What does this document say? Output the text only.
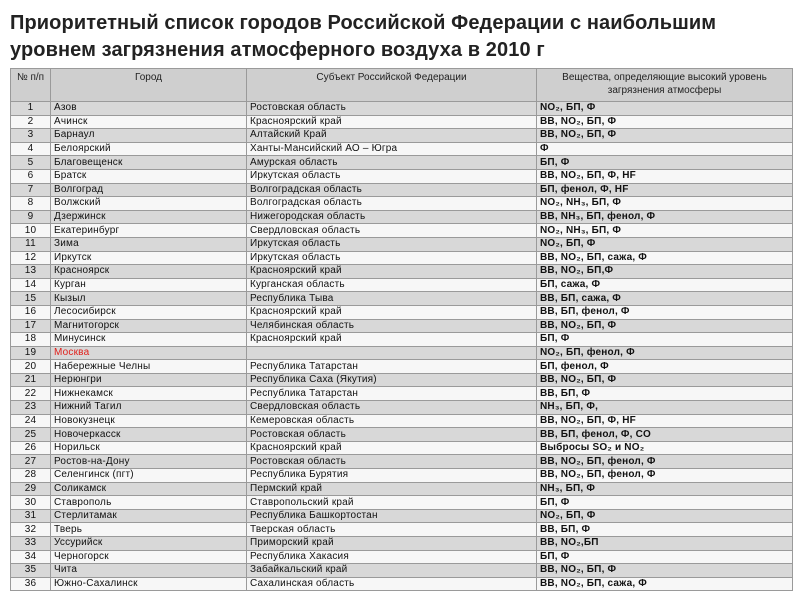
Приоритетный список городов Российской Федерации с наибольшим уровнем загрязнения атмосферного воздуха в 2010 г
№ п/п	Город	Субъект Российской Федерации	Вещества, определяющие высокий уровень загрязнения атмосферы
1	Азов	Ростовская область	NO₂, БП, Ф
2	Ачинск	Красноярский край	ВВ, NO₂, БП, Ф
3	Барнаул	Алтайский Край	ВВ, NO₂, БП, Ф
4	Белоярский	Ханты-Мансийский АО – Югра	Ф
5	Благовещенск	Амурская область	БП, Ф
6	Братск	Иркутская область	ВВ, NO₂, БП, Ф, HF
7	Волгоград	Волгоградская область	БП, фенол, Ф, HF
8	Волжский	Волгоградская область	NO₂, NH₃, БП, Ф
9	Дзержинск	Нижегородская область	ВВ, NH₃, БП, фенол, Ф
10	Екатеринбург	Свердловская область	NO₂, NH₃, БП, Ф
11	Зима	Иркутская область	NO₂, БП, Ф
12	Иркутск	Иркутская область	ВВ, NO₂, БП, сажа, Ф
13	Красноярск	Красноярский край	ВВ, NO₂, БП,Ф
14	Курган	Курганская область	БП, сажа, Ф
15	Кызыл	Республика Тыва	ВВ, БП, сажа, Ф
16	Лесосибирск	Красноярский край	ВВ, БП, фенол, Ф
17	Магнитогорск	Челябинская область	ВВ, NO₂, БП, Ф
18	Минусинск	Красноярский край	БП, Ф
19	Москва		NO₂, БП, фенол, Ф
20	Набережные Челны	Республика Татарстан	БП, фенол, Ф
21	Нерюнгри	Республика Саха (Якутия)	ВВ, NO₂, БП, Ф
22	Нижнекамск	Республика Татарстан	ВВ, БП, Ф
23	Нижний Тагил	Свердловская область	NH₃, БП, Ф,
24	Новокузнецк	Кемеровская область	ВВ, NO₂, БП, Ф, HF
25	Новочеркасск	Ростовская область	ВВ, БП, фенол, Ф, CO
26	Норильск	Красноярский край	Выбросы SO₂ и NO₂
27	Ростов-на-Дону	Ростовская область	ВВ, NO₂, БП, фенол, Ф
28	Селенгинск (пгт)	Республика Бурятия	ВВ, NO₂, БП, фенол, Ф
29	Соликамск	Пермский край	NH₃, БП, Ф
30	Ставрополь	Ставропольский край	БП, Ф
31	Стерлитамак	Республика Башкортостан	NO₂, БП, Ф
32	Тверь	Тверская область	ВВ, БП, Ф
33	Уссурийск	Приморский край	ВВ, NO₂,БП
34	Черногорск	Республика Хакасия	БП, Ф
35	Чита	Забайкальский край	ВВ, NO₂, БП, Ф
36	Южно-Сахалинск	Сахалинская область	ВВ, NO₂, БП, сажа, Ф
